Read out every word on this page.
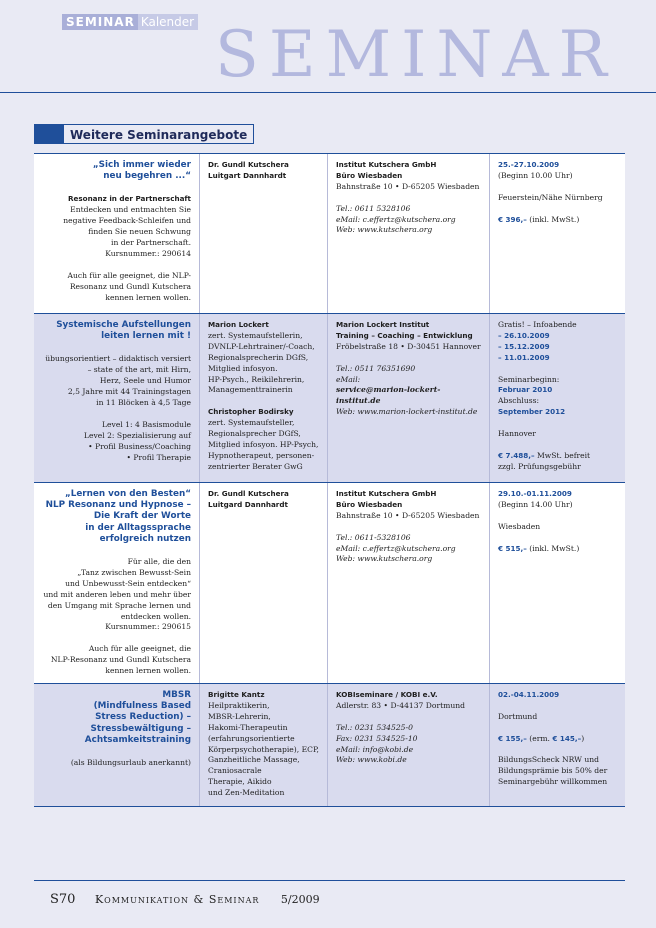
SEMINAR Kalender SEMINAR
Weitere Seminarangebote
„Sich immer wieder
neu begehren ...“
Resonanz in der Partnerschaft
Entdecken und entmachten Sie
negative Feedback-Schleifen und
finden Sie neuen Schwung
in der Partnerschaft.
Kursnummer.: 290614
Auch für alle geeignet, die NLP-
Resonanz und Gundl Kutschera
kennen lernen wollen.
Dr. Gundl Kutschera
Luitgart Dannhardt
Institut Kutschera GmbH
Büro Wiesbaden
Bahnstraße 10 • D-65205 Wiesbaden
Tel.: 0611 5328106
eMail: c.effertz@kutschera.org
Web: www.kutschera.org
25.-27.10.2009
(Beginn 10.00 Uhr)
Feuerstein/Nähe Nürnberg
€ 396,– (inkl. MwSt.)
Systemische Aufstellungen
leiten lernen mit !
übungsorientiert – didaktisch versiert
– state of the art, mit Hirn,
Herz, Seele und Humor
2,5 Jahre mit 44 Trainingstagen
in 11 Blöcken à 4,5 Tage
Level 1: 4 Basismodule
Level 2: Spezialisierung auf
• Profil Business/Coaching
• Profil Therapie
Marion Lockert
zert. Systemaufstellerin,
DVNLP-Lehrtrainer/-Coach,
Regionalsprecherin DGfS,
Mitglied infosyon.
HP-Psych., Reikilehrerin,
Managementtrainerin
Christopher Bodirsky
zert. Systemaufsteller,
Regionalsprecher DGfS,
Mitglied infosyon. HP-Psych,
Hypnotherapeut, personen-
zentrierter Berater GwG
Marion Lockert Institut
Training – Coaching – Entwicklung
Fröbelstraße 18 • D-30451 Hannover
Tel.: 0511 76351690
eMail:
service@marion-lockert-institut.de
Web: www.marion-lockert-institut.de
Gratis! – Infoabende
– 26.10.2009
– 15.12.2009
– 11.01.2009
Seminarbeginn:
Februar 2010
Abschluss:
September 2012
Hannover
€ 7.488,– MwSt. befreit
zzgl. Prüfungsgebühr
„Lernen von den Besten“
NLP Resonanz und Hypnose –
Die Kraft der Worte
in der Alltagssprache
erfolgreich nutzen
Für alle, die den
„Tanz zwischen Bewusst-Sein
und Unbewusst-Sein entdecken“
und mit anderen leben und mehr über
den Umgang mit Sprache lernen und
entdecken wollen.
Kursnummer.: 290615
Auch für alle geeignet, die
NLP-Resonanz und Gundl Kutschera
kennen lernen wollen.
Dr. Gundl Kutschera
Luitgard Dannhardt
Institut Kutschera GmbH
Büro Wiesbaden
Bahnstraße 10 • D-65205 Wiesbaden
Tel.: 0611-5328106
eMail: c.effertz@kutschera.org
Web: www.kutschera.org
29.10.-01.11.2009
(Beginn 14.00 Uhr)
Wiesbaden
€ 515,– (inkl. MwSt.)
MBSR
(Mindfulness Based
Stress Reduction) –
Stressbewältigung –
Achtsamkeitstraining
(als Bildungsurlaub anerkannt)
Brigitte Kantz
Heilpraktikerin,
MBSR-Lehrerin,
Hakomi-Therapeutin
(erfahrungsorientierte
Körperpsychotherapie), ECP,
Ganzheitliche Massage,
Craniosacrale
Therapie, Aikido
und Zen-Meditation
KOBIseminare / KOBI e.V.
Adlerstr. 83 • D-44137 Dortmund
Tel.: 0231 534525-0
Fax: 0231 534525-10
eMail: info@kobi.de
Web: www.kobi.de
02.-04.11.2009
Dortmund
€ 155,– (erm. € 145,–)
BildungsScheck NRW und
Bildungsprämie bis 50% der
Seminargebühr willkommen
S70 Kommunikation & Seminar 5/2009
